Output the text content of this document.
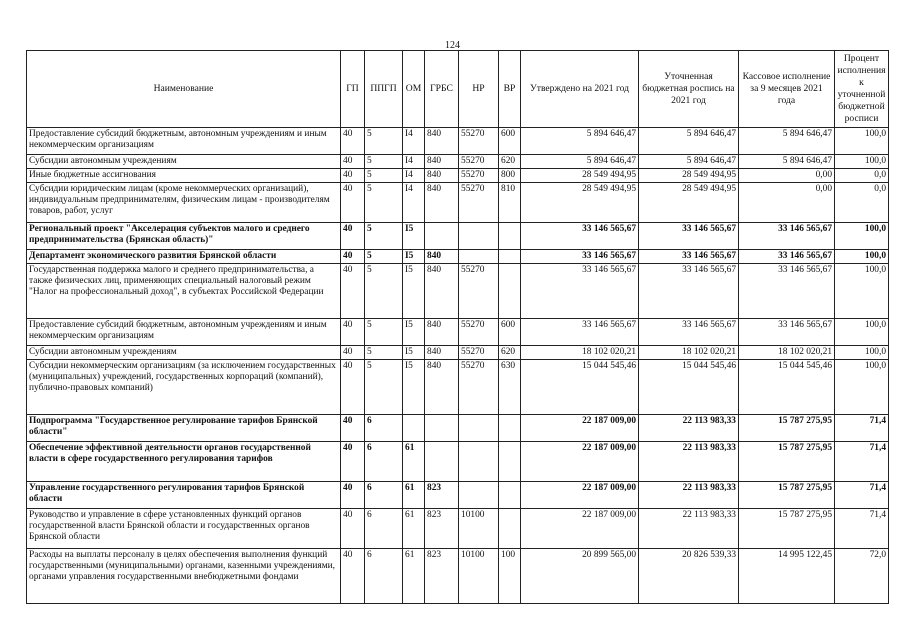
124
Наименование	ГП	ППГП	ОМ	ГРБС	НР	ВР	Утверждено на 2021 год	Уточненная бюджетная роспись на 2021 год	Кассовое исполнение за 9 месяцев 2021 года	Процент исполнения к уточненной бюджетной росписи
Предоставление субсидий бюджетным, автономным учреждениям и иным некоммерческим организациям	40	5	I4	840	55270	600	5 894 646,47	5 894 646,47	5 894 646,47	100,0
Субсидии автономным учреждениям	40	5	I4	840	55270	620	5 894 646,47	5 894 646,47	5 894 646,47	100,0
Иные бюджетные ассигнования	40	5	I4	840	55270	800	28 549 494,95	28 549 494,95	0,00	0,0
Субсидии юридическим лицам (кроме некоммерческих организаций), индивидуальным предпринимателям, физическим лицам - производителям товаров, работ, услуг	40	5	I4	840	55270	810	28 549 494,95	28 549 494,95	0,00	0,0
Региональный проект "Акселерация субъектов малого и среднего предпринимательства (Брянская область)"	40	5	I5				33 146 565,67	33 146 565,67	33 146 565,67	100,0
Департамент экономического развития Брянской области	40	5	I5	840			33 146 565,67	33 146 565,67	33 146 565,67	100,0
Государственная поддержка малого и среднего предпринимательства, а также физических лиц, применяющих специальный налоговый режим "Налог на профессиональный доход", в субъектах Российской Федерации	40	5	I5	840	55270		33 146 565,67	33 146 565,67	33 146 565,67	100,0
Предоставление субсидий бюджетным, автономным учреждениям и иным некоммерческим организациям	40	5	I5	840	55270	600	33 146 565,67	33 146 565,67	33 146 565,67	100,0
Субсидии автономным учреждениям	40	5	I5	840	55270	620	18 102 020,21	18 102 020,21	18 102 020,21	100,0
Субсидии некоммерческим организациям (за исключением государственных (муниципальных) учреждений, государственных корпораций (компаний), публично-правовых компаний)	40	5	I5	840	55270	630	15 044 545,46	15 044 545,46	15 044 545,46	100,0
Подпрограмма "Государственное регулирование тарифов Брянской области"	40	6					22 187 009,00	22 113 983,33	15 787 275,95	71,4
Обеспечение эффективной деятельности органов государственной власти в сфере государственного регулирования тарифов	40	6	61				22 187 009,00	22 113 983,33	15 787 275,95	71,4
Управление государственного регулирования тарифов Брянской области	40	6	61	823			22 187 009,00	22 113 983,33	15 787 275,95	71,4
Руководство и управление в сфере установленных функций органов государственной власти Брянской области и государственных органов Брянской области	40	6	61	823	10100		22 187 009,00	22 113 983,33	15 787 275,95	71,4
Расходы на выплаты персоналу в целях обеспечения выполнения функций государственными (муниципальными) органами, казенными учреждениями, органами управления государственными внебюджетными фондами	40	6	61	823	10100	100	20 899 565,00	20 826 539,33	14 995 122,45	72,0
